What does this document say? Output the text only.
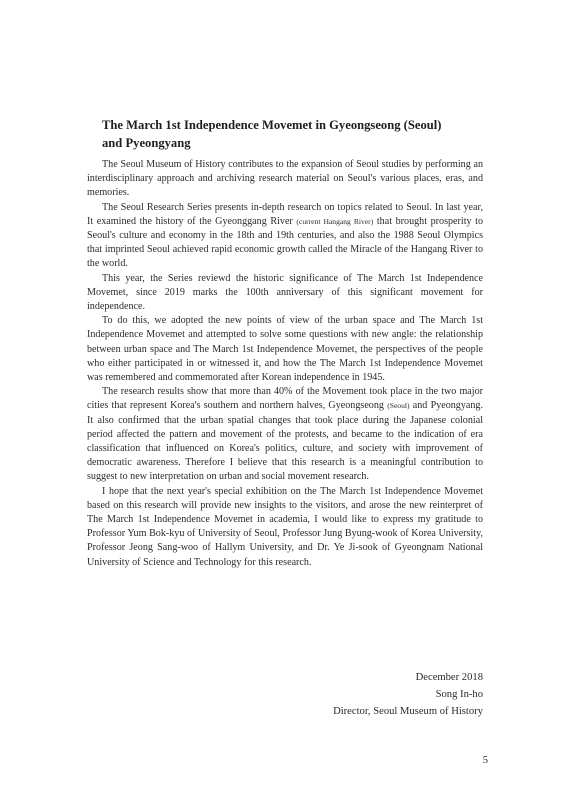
The March 1st Independence Movemet in Gyeongseong (Seoul)
and Pyeongyang

The Seoul Museum of History contributes to the expansion of Seoul studies by performing an interdisciplinary approach and archiving research material on Seoul's various places, eras, and memories.

The Seoul Research Series presents in-depth research on topics related to Seoul. In last year, It examined the history of the Gyeonggang River (current Hangang River) that brought prosperity to Seoul's culture and economy in the 18th and 19th centuries, and also the 1988 Seoul Olympics that imprinted Seoul achieved rapid economic growth called the Miracle of the Hangang River to the world.

This year, the Series reviewd the historic significance of The March 1st Independence Movemet, since 2019 marks the 100th anniversary of this significant movement for independence.

To do this, we adopted the new points of view of the urban space and The March 1st Independence Movemet and attempted to solve some questions with new angle: the relationship between urban space and The March 1st Independence Movemet, the perspectives of the people who either participated in or witnessed it, and how the The March 1st Independence Movemet was remembered and commemorated after Korean independence in 1945.

The research results show that more than 40% of the Movement took place in the two major cities that represent Korea's southern and northern halves, Gyeongseong (Seoul) and Pyeongyang. It also confirmed that the urban spatial changes that took place during the Japanese colonial period affected the pattern and movement of the protests, and became to the indication of era classification that influenced on Korea's politics, culture, and society with improvement of democratic awareness. Therefore I believe that this research is a meaningful contribution to suggest to new interpretation on urban and social movement research.

I hope that the next year's special exhibition on the The March 1st Independence Movemet based on this research will provide new insights to the visitors, and arose the new reinterpret of The March 1st Independence Movemet in academia, I would like to express my gratitude to Professor Yum Bok-kyu of University of Seoul, Professor Jung Byung-wook of Korea University, Professor Jeong Sang-woo of Hallym University, and Dr. Ye Ji-sook of Gyeongnam National University of Science and Technology for this research.

December 2018
Song In-ho
Director, Seoul Museum of History
5
